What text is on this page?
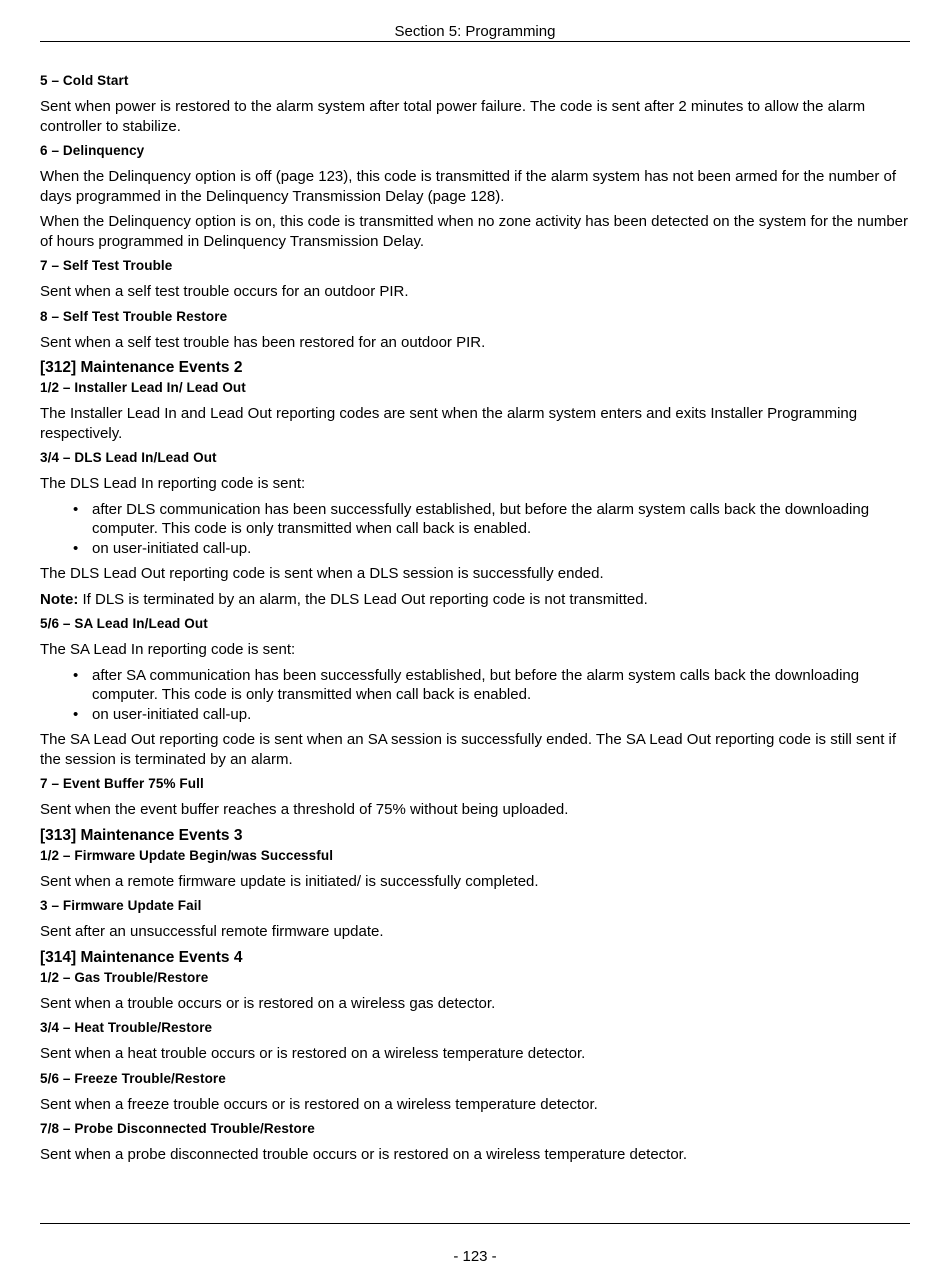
Section 5: Programming
5 – Cold Start
Sent when power is restored to the alarm system after total power failure. The code is sent after 2 minutes to allow the alarm controller to stabilize.
6 – Delinquency
When the Delinquency option is off (page 123), this code is transmitted if the alarm system has not been armed for the number of days programmed in the Delinquency Transmission Delay (page 128).
When the Delinquency option is on, this code is transmitted when no zone activity has been detected on the system for the number of hours programmed in Delinquency Transmission Delay.
7 – Self Test Trouble
Sent when a self test trouble occurs for an outdoor PIR.
8 – Self Test Trouble Restore
Sent when a self test trouble has been restored for an outdoor PIR.
[312] Maintenance Events 2
1/2 – Installer Lead In/ Lead Out
The Installer Lead In and Lead Out reporting codes are sent when the alarm system enters and exits Installer Programming respectively.
3/4 – DLS Lead In/Lead Out
The DLS Lead In reporting code is sent:
• after DLS communication has been successfully established, but before the alarm system calls back the downloading computer. This code is only transmitted when call back is enabled.
• on user-initiated call-up.
The DLS Lead Out reporting code is sent when a DLS session is successfully ended.
Note: If DLS is terminated by an alarm, the DLS Lead Out reporting code is not transmitted.
5/6 – SA Lead In/Lead Out
The SA Lead In reporting code is sent:
• after SA communication has been successfully established, but before the alarm system calls back the downloading computer. This code is only transmitted when call back is enabled.
• on user-initiated call-up.
The SA Lead Out reporting code is sent when an SA session is successfully ended. The SA Lead Out reporting code is still sent if the session is terminated by an alarm.
7 – Event Buffer 75% Full
Sent when the event buffer reaches a threshold of 75% without being uploaded.
[313] Maintenance Events 3
1/2 – Firmware Update Begin/was Successful
Sent when a remote firmware update is initiated/ is successfully completed.
3 – Firmware Update Fail
Sent after an unsuccessful remote firmware update.
[314] Maintenance Events 4
1/2 – Gas Trouble/Restore
Sent when a trouble occurs or is restored on a wireless gas detector.
3/4 – Heat Trouble/Restore
Sent when a heat trouble occurs or is restored on a wireless temperature detector.
5/6 – Freeze Trouble/Restore
Sent when a freeze trouble occurs or is restored on a wireless temperature detector.
7/8 – Probe Disconnected Trouble/Restore
Sent when a probe disconnected trouble occurs or is restored on a wireless temperature detector.
- 123 -
